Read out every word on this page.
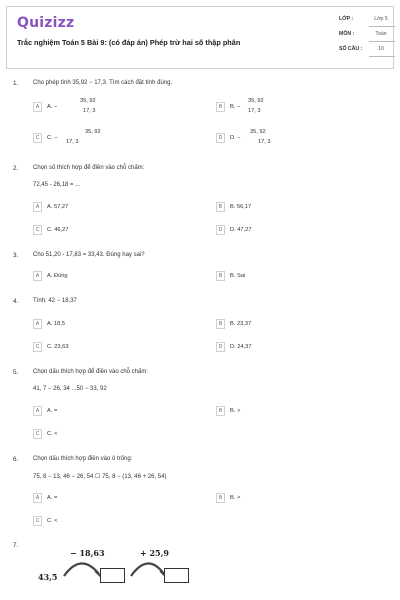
Quizizz
Trắc nghiệm Toán 5 Bài 9: (có đáp án) Phép trừ hai số thập phân
LỚP :	Lớp 5
MÔN :	Toán
SỐ CÂU :	10
1. Cho phép tính 35,92 − 17,3. Tìm cách đặt tính đúng.
A	A. −
35, 92
17, 3
B	B. −
35, 92
17, 3
C	C. −
35, 92
17, 3
D	D. −
35, 92
17, 3
2. Chọn số thích hợp để điền vào chỗ chấm:
72,45 - 26,18 = ...
A	A. 57,27	B	B. 56,17
C	C. 46,27	D	D. 47,27
3. Cho 51,20 - 17,83 = 33,43. Đúng hay sai?
A	A. Đúng	B	B. Sai
4. Tính: 42 − 18,37
A	A. 18,5	B	B. 23,37
C	C. 23,63	D	D. 24,37
5. Chọn dấu thích hợp để điền vào chỗ chấm:
41, 7 − 26, 34 ...50 − 33, 92
A	A. =	B	B. >
C	C. <
6. Chọn dấu thích hợp điền vào ô trống:
75, 8 − 13, 46 − 26, 54 ☐ 75, 8 − (13, 46 + 26, 54)
A	A. =	B	B. >
C	C. <
7.
43,5
− 18,63	+ 25,9
